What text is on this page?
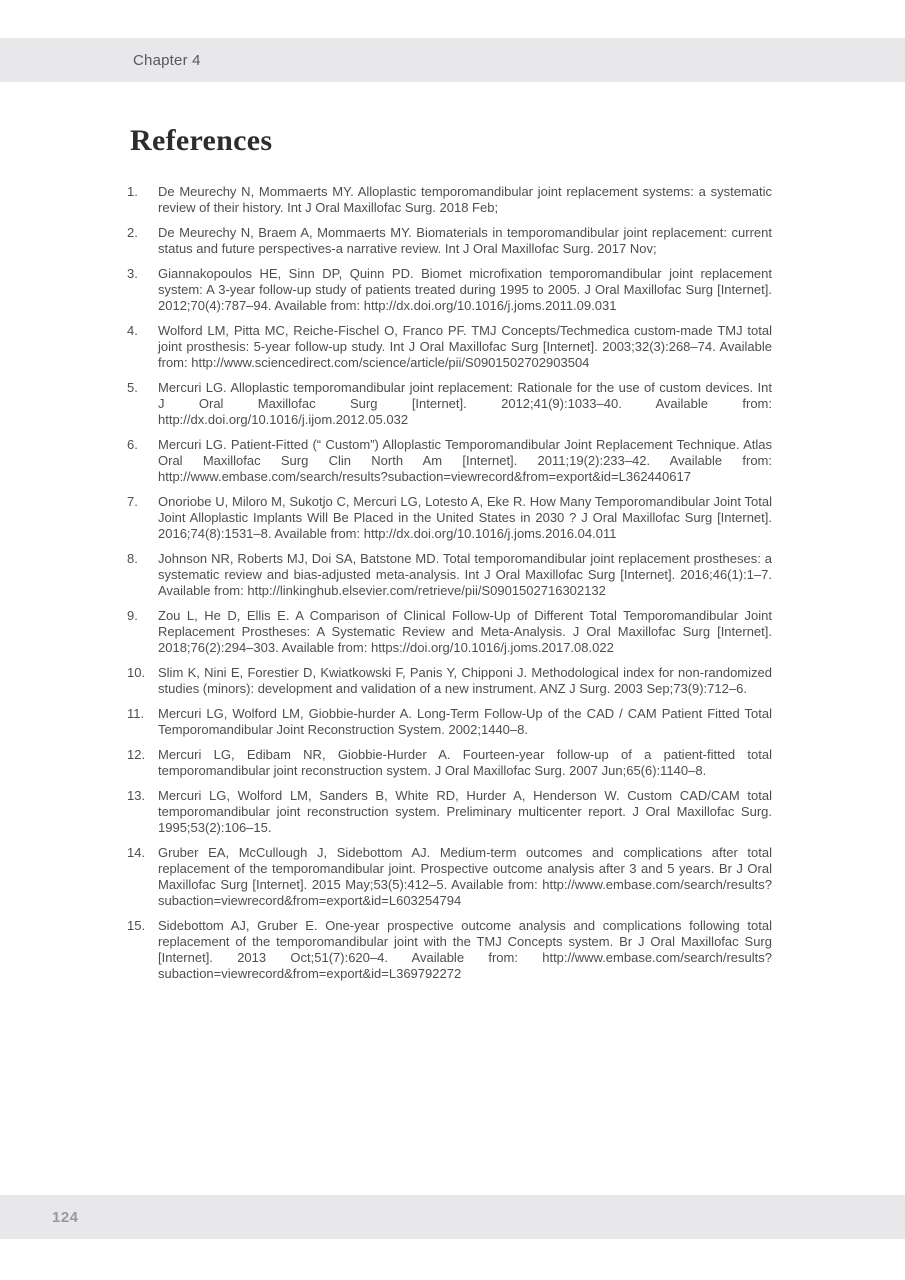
Chapter 4
References
1.	De Meurechy N, Mommaerts MY. Alloplastic temporomandibular joint replacement systems: a systematic review of their history. Int J Oral Maxillofac Surg. 2018 Feb;
2.	De Meurechy N, Braem A, Mommaerts MY. Biomaterials in temporomandibular joint replacement: current status and future perspectives-a narrative review. Int J Oral Maxillofac Surg. 2017 Nov;
3.	Giannakopoulos HE, Sinn DP, Quinn PD. Biomet microfixation temporomandibular joint replacement system: A 3-year follow-up study of patients treated during 1995 to 2005. J Oral Maxillofac Surg [Internet]. 2012;70(4):787–94. Available from: http://dx.doi.org/10.1016/j.joms.2011.09.031
4.	Wolford LM, Pitta MC, Reiche-Fischel O, Franco PF. TMJ Concepts/Techmedica custom-made TMJ total joint prosthesis: 5-year follow-up study. Int J Oral Maxillofac Surg [Internet]. 2003;32(3):268–74. Available from: http://www.sciencedirect.com/science/article/pii/S0901502702903504
5.	Mercuri LG. Alloplastic temporomandibular joint replacement: Rationale for the use of custom devices. Int J Oral Maxillofac Surg [Internet]. 2012;41(9):1033–40. Available from: http://dx.doi.org/10.1016/j.ijom.2012.05.032
6.	Mercuri LG. Patient-Fitted (“ Custom”) Alloplastic Temporomandibular Joint Replacement Technique. Atlas Oral Maxillofac Surg Clin North Am [Internet]. 2011;19(2):233–42. Available from: http://www.embase.com/search/results?subaction=viewrecord&from=export&id=L362440617
7.	Onoriobe U, Miloro M, Sukotjo C, Mercuri LG, Lotesto A, Eke R. How Many Temporomandibular Joint Total Joint Alloplastic Implants Will Be Placed in the United States in 2030 ? J Oral Maxillofac Surg [Internet]. 2016;74(8):1531–8. Available from: http://dx.doi.org/10.1016/j.joms.2016.04.011
8.	Johnson NR, Roberts MJ, Doi SA, Batstone MD. Total temporomandibular joint replacement prostheses: a systematic review and bias-adjusted meta-analysis. Int J Oral Maxillofac Surg [Internet]. 2016;46(1):1–7. Available from: http://linkinghub.elsevier.com/retrieve/pii/S0901502716302132
9.	Zou L, He D, Ellis E. A Comparison of Clinical Follow-Up of Different Total Temporomandibular Joint Replacement Prostheses: A Systematic Review and Meta-Analysis. J Oral Maxillofac Surg [Internet]. 2018;76(2):294–303. Available from: https://doi.org/10.1016/j.joms.2017.08.022
10. Slim K, Nini E, Forestier D, Kwiatkowski F, Panis Y, Chipponi J. Methodological index for non-randomized studies (minors): development and validation of a new instrument. ANZ J Surg. 2003 Sep;73(9):712–6.
11.	Mercuri LG, Wolford LM, Giobbie-hurder A. Long-Term Follow-Up of the CAD / CAM Patient Fitted Total Temporomandibular Joint Reconstruction System. 2002;1440–8.
12. Mercuri LG, Edibam NR, Giobbie-Hurder A. Fourteen-year follow-up of a patient-fitted total temporomandibular joint reconstruction system. J Oral Maxillofac Surg. 2007 Jun;65(6):1140–8.
13. Mercuri LG, Wolford LM, Sanders B, White RD, Hurder A, Henderson W. Custom CAD/CAM total temporomandibular joint reconstruction system. Preliminary multicenter report. J Oral Maxillofac Surg. 1995;53(2):106–15.
14. Gruber EA, McCullough J, Sidebottom AJ. Medium-term outcomes and complications after total replacement of the temporomandibular joint. Prospective outcome analysis after 3 and 5 years. Br J Oral Maxillofac Surg [Internet]. 2015 May;53(5):412–5. Available from: http://www.embase.com/search/results?subaction=viewrecord&from=export&id=L603254794
15. Sidebottom AJ, Gruber E. One-year prospective outcome analysis and complications following total replacement of the temporomandibular joint with the TMJ Concepts system. Br J Oral Maxillofac Surg [Internet]. 2013 Oct;51(7):620–4. Available from: http://www.embase.com/search/results?subaction=viewrecord&from=export&id=L369792272
124
